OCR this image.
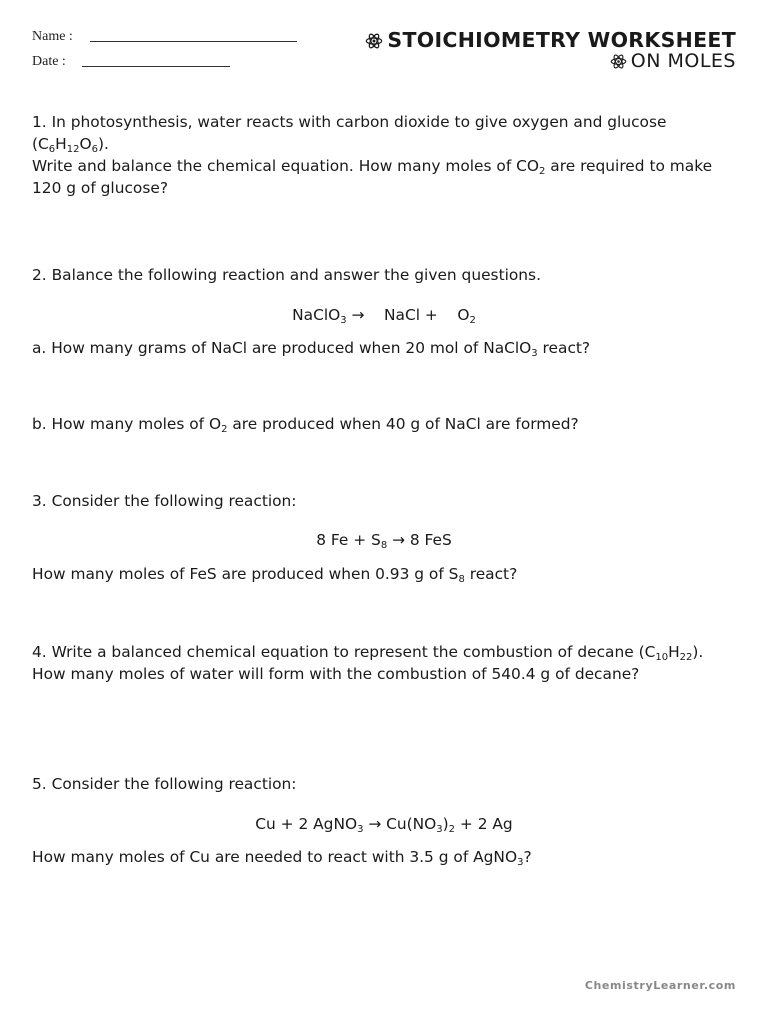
Name :
Date :
STOICHIOMETRY WORKSHEET
ON MOLES
1. In photosynthesis, water reacts with carbon dioxide to give oxygen and glucose $(C_6H_{12}O_6)$.
Write and balance the chemical equation. How many moles of $CO_2$ are required to make
120 g of glucose?
2. Balance the following reaction and answer the given questions.
NaClO$_3$ →    NaCl +    $O_2$
a. How many grams of NaCl are produced when 20 mol of NaClO$_3$ react?
b. How many moles of $O_2$ are produced when 40 g of NaCl are formed?
3. Consider the following reaction:
8 $Fe + S_8 \to 8$ FeS
How many moles of FeS are produced when 0.93 g of $S_8$ react?
4. Write a balanced chemical equation to represent the combustion of decane $(C_{10}H_{22})$.
How many moles of water will form with the combustion of 540.4 g of decane?
5. Consider the following reaction:
Cu + 2 AgNO$_3$ → $Cu(NO_3)_2 + 2$ Ag
How many moles of Cu are needed to react with 3.5 g of AgNO$_3$?
ChemistryLearner.com
